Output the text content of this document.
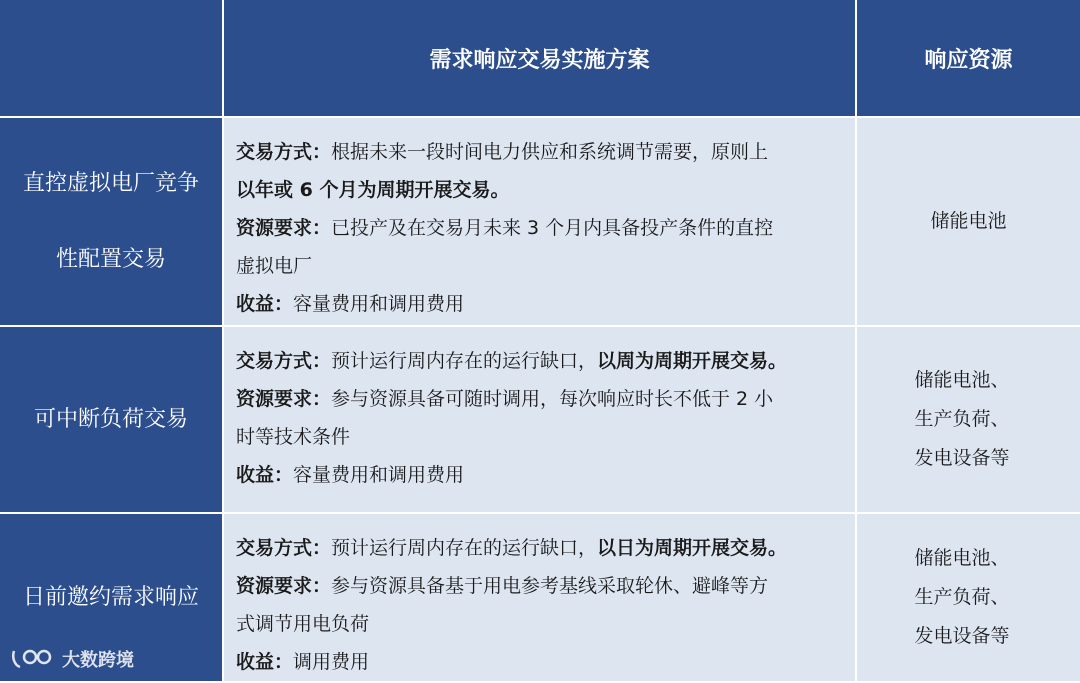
需求响应交易实施方案	响应资源
直控虚拟电厂竞争
性配置交易
交易方式：根据未来一段时间电力供应和系统调节需要，原则上
以年或 6 个月为周期开展交易。
资源要求：已投产及在交易月未来 3 个月内具备投产条件的直控
虚拟电厂
收益：容量费用和调用费用
储能电池
可中断负荷交易
交易方式：预计运行周内存在的运行缺口，以周为周期开展交易。
资源要求：参与资源具备可随时调用，每次响应时长不低于 2 小
时等技术条件
收益：容量费用和调用费用
储能电池、
生产负荷、
发电设备等
日前邀约需求响应
交易方式：预计运行周内存在的运行缺口，以日为周期开展交易。
资源要求：参与资源具备基于用电参考基线采取轮休、避峰等方
式调节用电负荷
收益：调用费用
储能电池、
生产负荷、
发电设备等
大数跨境
